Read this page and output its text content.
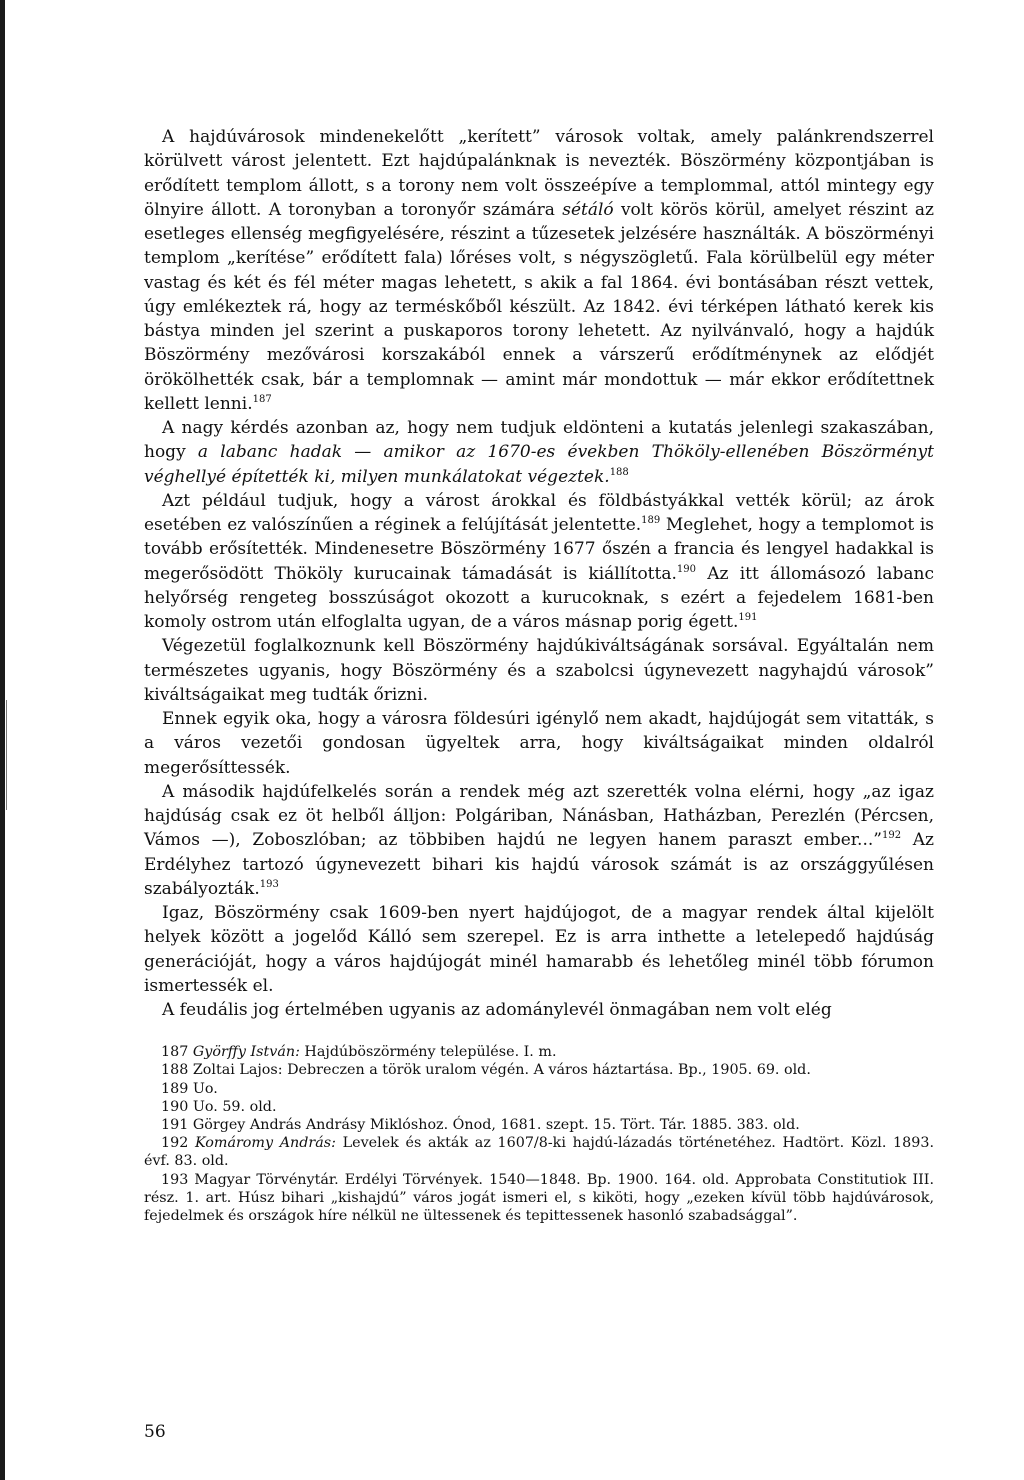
A hajdúvárosok mindenekelőtt „kerített” városok voltak, amely palánkrendszerrel körülvett várost jelentett. Ezt hajdúpalánknak is nevezték. Böszörmény központjában is erődített templom állott, s a torony nem volt összeépíve a templommal, attól mintegy egy ölnyire állott. A toronyban a toronyőr számára sétáló volt körös körül, amelyet részint az esetleges ellenség megfigyelésére, részint a tűzesetek jelzésére használták. A böszörményi templom „kerítése” erődített fala) lőréses volt, s négyszögletű. Fala körülbelül egy méter vastag és két és fél méter magas lehetett, s akik a fal 1864. évi bontásában részt vettek, úgy emlékeztek rá, hogy az terméskőből készült. Az 1842. évi térképen látható kerek kis bástya minden jel szerint a puskaporos torony lehetett. Az nyilvánvaló, hogy a hajdúk Böszörmény mezővárosi korszakából ennek a várszerű erődítménynek az elődjét örökölhették csak, bár a templomnak — amint már mondottuk — már ekkor erődítettnek kellett lenni.$^{187}$

A nagy kérdés azonban az, hogy nem tudjuk eldönteni a kutatás jelenlegi szakaszában, hogy a labanc hadak — amikor az 1670-es években Thököly-ellenében Böszörményt véghellyé építették ki, milyen munkálatokat végeztek.$^{188}$

Azt például tudjuk, hogy a várost árokkal és földbástyákkal vették körül; az árok esetében ez valószínűen a réginek a felújítását jelentette.$^{189}$ Meglehet, hogy a templomot is tovább erősítették. Mindenesetre Böszörmény 1677 őszén a francia és lengyel hadakkal is megerősödött Thököly kurucainak támadását is kiállította.$^{190}$ Az itt állomásozó labanc helyőrség rengeteg bosszúságot okozott a kurucoknak, s ezért a fejedelem 1681-ben komoly ostrom után elfoglalta ugyan, de a város másnap porig égett.$^{191}$

Végezetül foglalkoznunk kell Böszörmény hajdúkiváltságának sorsával. Egyáltalán nem természetes ugyanis, hogy Böszörmény és a szabolcsi úgynevezett nagyhajdú városok” kiváltságaikat meg tudták őrizni.

Ennek egyik oka, hogy a városra földesúri igénylő nem akadt, hajdújogát sem vitatták, s a város vezetői gondosan ügyeltek arra, hogy kiváltságaikat minden oldalról megerősíttessék.

A második hajdúfelkelés során a rendek még azt szerették volna elérni, hogy „az igaz hajdúság csak ez öt helből álljon: Polgáriban, Nánásban, Hatházban, Perezlén (Pércsen, Vámos —), Zoboszlóban; az többiben hajdú ne legyen hanem paraszt ember...”$^{192}$ Az Erdélyhez tartozó úgynevezett bihari kis hajdú városok számát is az országgyűlésen szabályozták.$^{193}$

Igaz, Böszörmény csak 1609-ben nyert hajdújogot, de a magyar rendek által kijelölt helyek között a jogelőd Kálló sem szerepel. Ez is arra inthette a letelepedő hajdúság generációját, hogy a város hajdújogát minél hamarabb és lehetőleg minél több fórumon ismertessék el.

A feudális jog értelmében ugyanis az adománylevél önmagában nem volt elég

187 Györffy István: Hajdúböszörmény települése. I. m.

188 Zoltai Lajos: Debreczen a török uralom végén. A város háztartása. Bp., 1905. 69. old.

189 Uo.

190 Uo. 59. old.

191 Görgey András Andrásy Miklóshoz. Ónod, 1681. szept. 15. Tört. Tár. 1885. 383. old.

192 Komáromy András: Levelek és akták az 1607/8-ki hajdú-lázadás történetéhez. Hadtört. Közl. 1893. évf. 83. old.

193 Magyar Törvénytár. Erdélyi Törvények. 1540—1848. Bp. 1900. 164. old. Approbata Constitutiok III. rész. 1. art. Húsz bihari „kishajdú” város jogát ismeri el, s kiköti, hogy „ezeken kívül több hajdúvárosok, fejedelmek és országok híre nélkül ne ültessenek és tepittessenek hasonló szabadsággal”.

56
